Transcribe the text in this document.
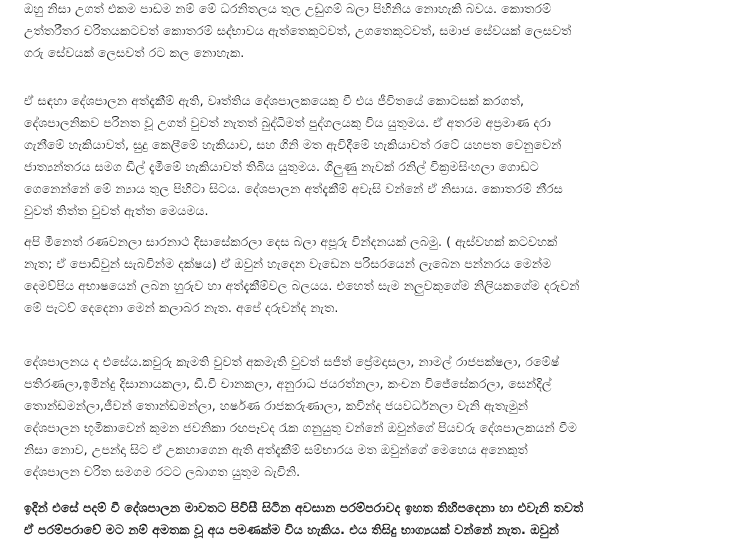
ඔහු නිසා උගත් එකම පාඩම නම් මේ ධරනිතලය තුල උඩුගම් බලා පිහිනිය නොහැකි බවය. කොතරම්
උත්තරීතර චරිතයකටවත් කොතරම් සද්භාවය ඇත්තෙකුටවත්, උගතෙකුටවත්, සමාජ සේවයක් ලෙසවත්
ගරු සේවයක් ලෙසවත් රට කල නොහැක.
ඒ සඳහා දේශපාලන අත්දැකීම් ඇති, වෘත්තිය දේශපාලකයෙකු වී එය ජීවිතයේ කොටසක් කරගත්,
දේශපාලනිකව පරිනත වූ උගත් වුවත් නැතත් බුද්ධිමත් පුද්ගලයකු විය යුතුමය. ඒ අතරම අප්‍රමාණ දරා
ගැනීමේ හැකියාවත්, සුදු කෙලීමේ හැකියාව, සහ ගිනි මත ඇවිදීමේ හැකියාවත් රටේ යහපත වෙනුවෙන්
ජාත්‍යන්තරය සමග ඩීල් දැමීමේ හැකියාවත් තිබිය යුතුමය. ගිලුණු නැවක් රනිල් වික්‍රමසිංහලා ගොඩට
ගෙනෙන්නේ මේ න්‍යාය තුල පිහිටා සිටය. දේශපාලන අත්දැකීම් අවැසි වන්නේ ඒ නිසාය. කොතරම් නීරස
වුවත් තිත්ත වුවත් ඇත්ත මෙයමය.
අපි මීනෙත් රණවනලා සාරනාථ දිසාසේකරලා දෙස බලා අපූරු වින්දනයක් ලබමු. ( ඇස්වහක් කටවහක්
නැත; ඒ පොඩිවුන් සැබවින්ම දක්ෂය) ඒ ඔවුන් හැදෙන වැඩෙන පරිසරයෙන් ලැබෙන පන්නරය මෙන්ම
දෙමව්පිය අභාෂයෙන් ලබන හුරුව හා අත්දැකීම්වල බලයය. එහෙත් සැම නලුවකුගේම නිලියකගේම දරුවන්
මේ පැටව් දෙදෙනා මෙන් කලාබර නැත. අපේ දරුවන්ද නැත.
දේශපාලනය ද එසේය.කවුරු කැමති වුවත් අකමැති වුවත් සජිත් ප්‍රේමදාසලා, නාමල් රාජපක්ෂලා, රමේෂ්
පතිරණලා,ඉමින්දු දිසානායකලා, ඩී.වී චානකලා, අනුරාධ ජයරත්නලා, කංචන විජේසේකරලා, සෙන්දිල්
තොන්ඩමන්ලා,ජීවන් තොන්ඩමන්ලා, හර්ෂණ රාජකරුණාලා, කවින්ද ජයවර්ධනලා වැනි ඇතැමුන්
දේශපාලන භූමිකාවෙන් කුමන ජවනිකා රඟපෑවද රැක ගනුයුතු වන්නේ ඔවුන්ගේ පියවරු දේශපාලකයන් වීම
නිසා නොව, උපන්දා සිට ඒ උකහාගෙන ඇති අත්දැකීම් සම්භාරය මත ඔවුන්ගේ මෙහෙය අනෙකුත්
දේශපාලන චරිත සමගම රටට ලබාගත යුතුම බැවිනි.
ඉදින් එසේ පදම් වී දේශපාලන මාවතට පිවිසී සිටින අවසාන පරම්පරාවද ඉහත තිහිපදෙනා හා එවැනි තවත්
ඒ පරම්පරාවේ මට නම් අමතක වූ අය පමණක්ම විය හැකිය. එය තිසිදු භාග්‍යයක් වන්නේ නැත. ඔවුන්
